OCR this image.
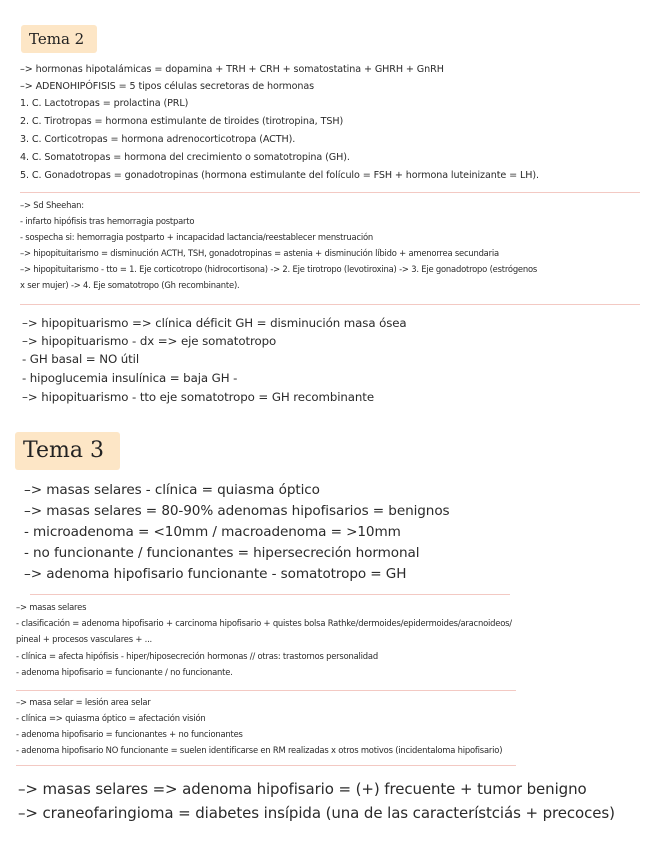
Tema 2
–> hormonas hipotalámicas = dopamina + TRH + CRH + somatostatina + GHRH + GnRH
–> ADENOHIPÓFISIS = 5 tipos células secretoras de hormonas
1. C. Lactotropas = prolactina (PRL)
2. C. Tirotropas = hormona estimulante de tiroides (tirotropina, TSH)
3. C. Corticotropas = hormona adrenocorticotropa (ACTH).
4. C. Somatotropas = hormona del crecimiento o somatotropina (GH).
5. C. Gonadotropas = gonadotropinas (hormona estimulante del folículo = FSH + hormona luteinizante = LH).
–> Sd Sheehan:
- infarto hipófisis tras hemorragia postparto
- sospecha si: hemorragia postparto + incapacidad lactancia/reestablecer menstruación
–> hipopituitarismo = disminución ACTH, TSH, gonadotropinas = astenia + disminución líbido + amenorrea secundaria
–> hipopituitarismo - tto = 1. Eje corticotropo (hidrocortisona) -> 2. Eje tirotropo (levotiroxina) -> 3. Eje gonadotropo (estrógenos
x ser mujer) -> 4. Eje somatotropo (Gh recombinante).
–> hipopituarismo => clínica déficit GH = disminución masa ósea
–> hipopituarismo - dx => eje somatotropo
- GH basal = NO útil
- hipoglucemia insulínica = baja GH -
–> hipopituarismo - tto eje somatotropo = GH recombinante
Tema 3
–> masas selares - clínica = quiasma óptico
–> masas selares = 80-90% adenomas hipofisarios = benignos
- microadenoma = <10mm / macroadenoma = >10mm
- no funcionante / funcionantes = hipersecreción hormonal
–> adenoma hipofisario funcionante - somatotropo = GH
–> masas selares
- clasificación = adenoma hipofisario + carcinoma hipofisario + quistes bolsa Rathke/dermoides/epidermoides/aracnoideos/
pineal + procesos vasculares + ...
- clínica = afecta hipófisis - hiper/hiposecreción hormonas // otras: trastornos personalidad
- adenoma hipofisario = funcionante / no funcionante.
–> masa selar = lesión area selar
- clínica => quiasma óptico = afectación visión
- adenoma hipofisario = funcionantes + no funcionantes
- adenoma hipofisario NO funcionante = suelen identificarse en RM realizadas x otros motivos (incidentaloma hipofisario)
–> masas selares => adenoma hipofisario = (+) frecuente + tumor benigno
–> craneofaringioma = diabetes insípida (una de las característciás + precoces)
